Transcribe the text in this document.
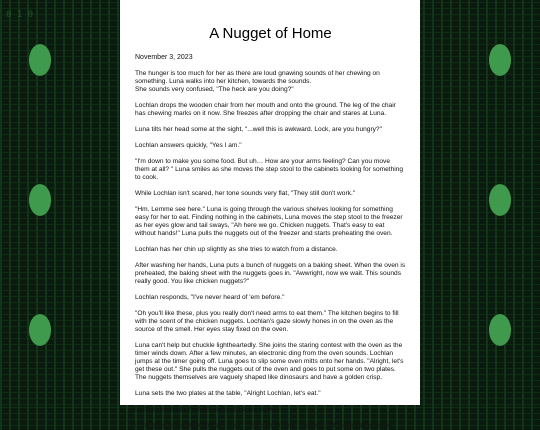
0 1 0
A Nugget of Home
November 3, 2023

The hunger is too much for her as there are loud gnawing sounds of her chewing on something. Luna walks into her kitchen, towards the sounds.
She sounds very confused, "The heck are you doing?"

Lochlan drops the wooden chair from her mouth and onto the ground. The leg of the chair has chewing marks on it now. She freezes after dropping the chair and stares at Luna.

Luna tilts her head some at the sight, "...well this is awkward. Lock, are you hungry?"

Lochlan answers quickly, "Yes I am."

"I'm down to make you some food. But uh… How are your arms feeling? Can you move them at all? " Luna smiles as she moves the step stool to the cabinets looking for something to cook.

While Lochlan isn't scared, her tone sounds very flat, "They still don't work."

"Hm. Lemme see here." Luna is going through the various shelves looking for something easy for her to eat. Finding nothing in the cabinets, Luna moves the step stool to the freezer as her eyes glow and tail sways, "Ah here we go. Chicken nuggets. That's easy to eat without hands!" Luna pulls the nuggets out of the freezer and starts preheating the oven.

Lochlan has her chin up slightly as she tries to watch from a distance.

After washing her hands, Luna puts a bunch of nuggets on a baking sheet. When the oven is preheated, the baking sheet with the nuggets goes in. "Awwright, now we wait. This sounds really good. You like chicken nuggets?"

Lochlan responds, "I've never heard of 'em before."

"Oh you'll like these, plus you really don't need arms to eat them." The kitchen begins to fill with the scent of the chicken nuggets. Lochlan's gaze slowly hones in on the oven as the source of the smell. Her eyes stay fixed on the oven.

Luna can't help but chuckle lightheartedly. She joins the staring contest with the oven as the timer winds down. After a few minutes, an electronic ding from the oven sounds. Lochlan jumps at the timer going off. Luna goes to slip some oven mitts onto her hands. "Alright, let's get these out." She pulls the nuggets out of the oven and goes to put some on two plates. The nuggets themselves are vaguely shaped like dinosaurs and have a golden crisp.

Luna sets the two plates at the table, "Alright Lochlan, let's eat."

Lochlan heads to the table but watches Luna first

Luna goes to the table and sits down. "You can sit here. Honestly, it'll make eating easier
